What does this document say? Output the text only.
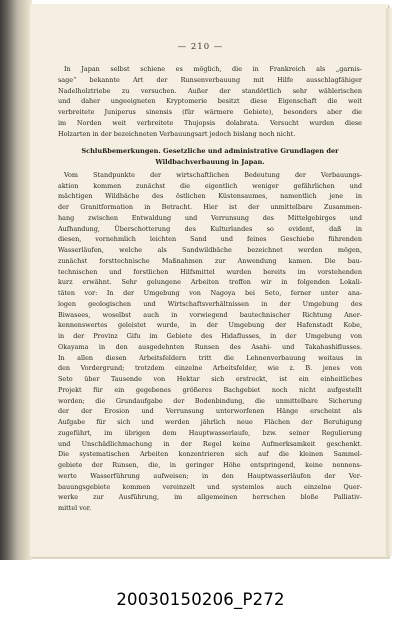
— 210 —
In Japan selbst schiene es möglich, die in Frankreich als „garnis-
sage“ bekannte Art der Runsenverbauung mit Hilfe ausschlagfähiger
Nadelholztriebe zu versuchen. Außer der standörtlich sehr wählerischen
und daher ungeeigneten Kryptomerie besitzt diese Eigenschaft die weit
verbreitete Juniperus sinensis (für wärmere Gebiete), besonders aber die
im Norden weit verbreitete Thujopsis dolabrata. Versucht wurden diese
Holzarten in der bezeichneten Verbauungsart jedoch bislang noch nicht.
Schlußbemerkungen. Gesetzliche und administrative Grundlagen der
Wildbachverbauung in Japan.
Vom Standpunkte der wirtschaftlichen Bedeutung der Verbauungs-
aktion kommen zunächst die eigentlich weniger gefährlichen und
mächtigen Wildbäche des östlichen Küstensaumes, namentlich jene in
der Granitformation in Betracht. Hier ist der unmittelbare Zusammen-
hang zwischen Entwaldung und Verrunsung des Mittelgebirges und
Aufhandung, Überschotterung des Kulturlandes so evident, daß in
diesen, vornehmlich leichten Sand und feines Geschiebe führenden
Wasserläufen, welche als Sandwildbäche bezeichnet werden mögen,
zunächst forsttechnische Maßnahmen zur Anwendung kamen. Die bau-
technischen und forstlichen Hilfsmittel wurden bereits im vorstehenden
kurz erwähnt. Sehr gelungene Arbeiten treffen wir in folgenden Lokali-
täten vor: In der Umgebung von Nagoya bei Seto, ferner unter ana-
logen geologischen und Wirtschaftsverhältnissen in der Umgebung des
Biwasees, woselbst auch in vorwiegend bautechnischer Richtung Aner-
kennenswertes geleistet wurde, in der Umgebung der Hafenstadt Kobe,
in der Provinz Gifu im Gebiete des Hidaflusses, in der Umgebung von
Okayama in den ausgedehnten Runsen des Asahi- und Takahashiflusses.
In allen diesen Arbeitsfeldern tritt die Lehnenverbauung weitaus in
den Vordergrund; trotzdem einzelne Arbeitsfelder, wie z. B. jenes von
Seto über Tausende von Hektar sich erstreckt, ist ein einheitliches
Projekt für ein gegebenes größeres Bachgebiet noch nicht aufgestellt
worden; die Grundaufgabe der Bodenbindung, die unmittelbare Sicherung
der der Erosion und Verrunsung unterworfenen Hänge erscheint als
Aufgabe für sich und werden jährlich neue Flächen der Beruhigung
zugeführt, im übrigen dem Hauptwasserlaufe, bzw. seiner Regulierung
und Unschädlichmachung in der Regel keine Aufmerksamkeit geschenkt.
Die systematischen Arbeiten konzentrieren sich auf die kleinen Sammel-
gebiete der Runsen, die, in geringer Höhe entspringend, keine nennens-
werte Wasserführung aufweisen; in den Hauptwasserläufen der Ver-
bauungsgebiete kommen vereinzelt und systemlos auch einzelne Quer-
werke zur Ausführung, im allgemeinen herrschen bloße Palliativ-
mittel vor.
20030150206_P272
